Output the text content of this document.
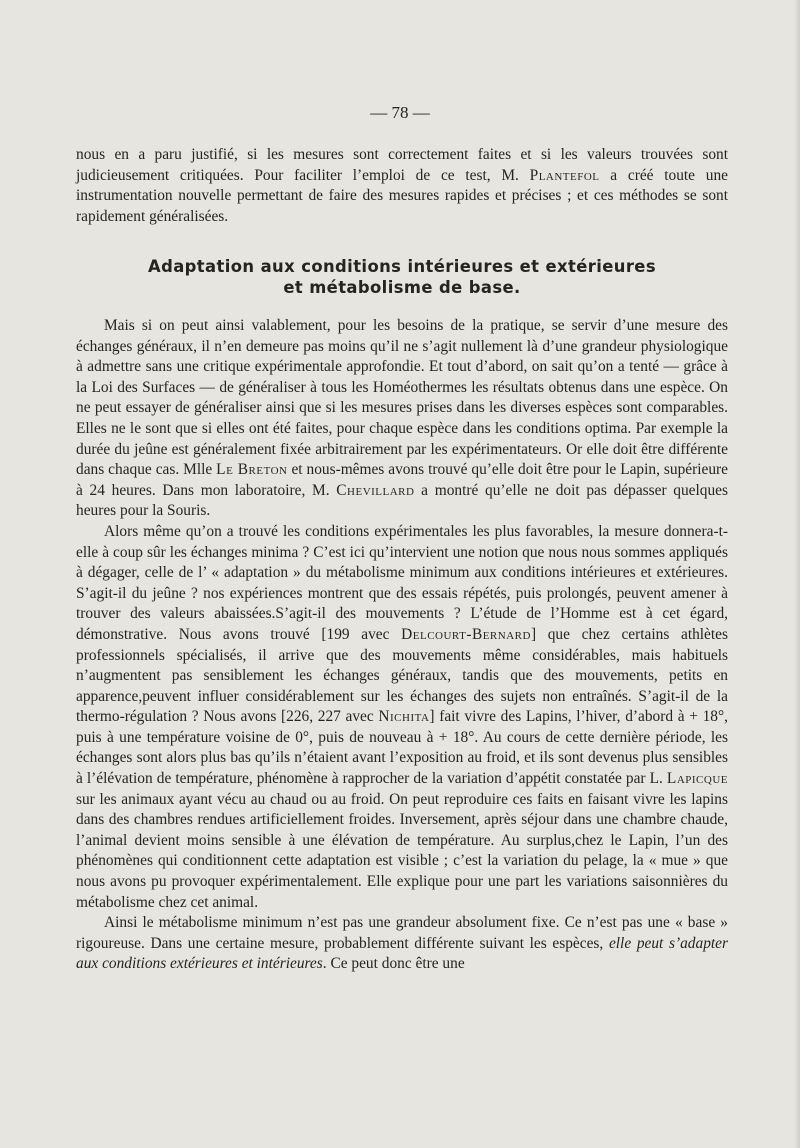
— 78 —

nous en a paru justifié, si les mesures sont correctement faites et si les valeurs trouvées sont judicieusement critiquées. Pour faciliter l’emploi de ce test, M. Plantefol a créé toute une instrumentation nouvelle permettant de faire des mesures rapides et précises ; et ces méthodes se sont rapidement généralisées.

Adaptation aux conditions intérieures et extérieures
et métabolisme de base.

Mais si on peut ainsi valablement, pour les besoins de la pratique, se servir d’une mesure des échanges généraux, il n’en demeure pas moins qu’il ne s’agit nullement là d’une grandeur physiologique à admettre sans une critique expérimentale approfondie. Et tout d’abord, on sait qu’on a tenté — grâce à la Loi des Surfaces — de généraliser à tous les Homéothermes les résultats obtenus dans une espèce. On ne peut essayer de généraliser ainsi que si les mesures prises dans les diverses espèces sont comparables. Elles ne le sont que si elles ont été faites, pour chaque espèce dans les conditions optima. Par exemple la durée du jeûne est généralement fixée arbitrairement par les expérimentateurs. Or elle doit être différente dans chaque cas. Mlle Le Breton et nous-mêmes avons trouvé qu’elle doit être pour le Lapin, supérieure à 24 heures. Dans mon laboratoire, M. Chevillard a montré qu’elle ne doit pas dépasser quelques heures pour la Souris.

Alors même qu’on a trouvé les conditions expérimentales les plus favorables, la mesure donnera-t-elle à coup sûr les échanges minima ? C’est ici qu’intervient une notion que nous nous sommes appliqués à dégager, celle de l’ « adaptation » du métabolisme minimum aux conditions intérieures et extérieures. S’agit-il du jeûne ? nos expériences montrent que des essais répétés, puis prolongés, peuvent amener à trouver des valeurs abaissées.S’agit-il des mouvements ? L’étude de l’Homme est à cet égard, démonstrative. Nous avons trouvé [199 avec Delcourt-Bernard] que chez certains athlètes professionnels spécialisés, il arrive que des mouvements même considérables, mais habituels n’augmentent pas sensiblement les échanges généraux, tandis que des mouvements, petits en apparence,peuvent influer considérablement sur les échanges des sujets non entraînés. S’agit-il de la thermo-régulation ? Nous avons [226, 227 avec Nichita] fait vivre des Lapins, l’hiver, d’abord à + 18°, puis à une température voisine de 0°, puis de nouveau à + 18°. Au cours de cette dernière période, les échanges sont alors plus bas qu’ils n’étaient avant l’exposition au froid, et ils sont devenus plus sensibles à l’élévation de température, phénomène à rapprocher de la variation d’appétit constatée par L. Lapicque sur les animaux ayant vécu au chaud ou au froid. On peut reproduire ces faits en faisant vivre les lapins dans des chambres rendues artificiellement froides. Inversement, après séjour dans une chambre chaude, l’animal devient moins sensible à une élévation de température. Au surplus,chez le Lapin, l’un des phénomènes qui conditionnent cette adaptation est visible ; c’est la variation du pelage, la « mue » que nous avons pu provoquer expérimentalement. Elle explique pour une part les variations saisonnières du métabolisme chez cet animal.

Ainsi le métabolisme minimum n’est pas une grandeur absolument fixe. Ce n’est pas une « base » rigoureuse. Dans une certaine mesure, probablement différente suivant les espèces, elle peut s’adapter aux conditions extérieures et intérieures. Ce peut donc être une
